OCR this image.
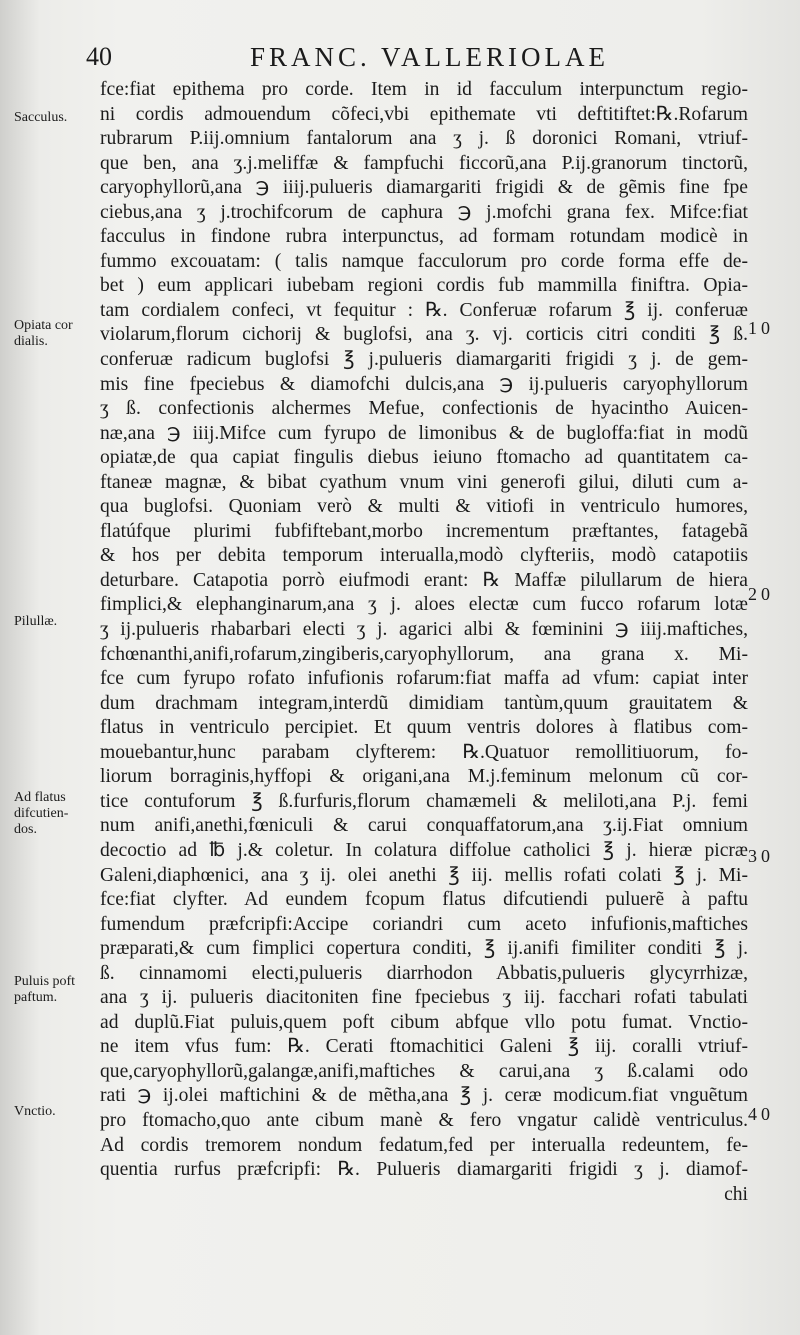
40	FRANC. VALLERIOLAE
fce:fiat epithema pro corde. Item in id facculum interpunctum regio-
ni cordis admouendum cõfeci,vbi epithemate vti deftitiftet:℞.Rofarum
rubrarum P.iij.omnium fantalorum ana ʒ j. ß doronici Romani, vtriuf-
que ben, ana ʒ.j.meliffæ & fampfuchi ficcorũ,ana P.ij.granorum tinctorũ,
caryophyllorũ,ana ℈ iiij.pulueris diamargariti frigidi & de gẽmis fine fpe
ciebus,ana ʒ j.trochifcorum de caphura ℈ j.mofchi grana fex. Mifce:fiat
facculus in findone rubra interpunctus, ad formam rotundam modicè in
fummo excouatam: ( talis namque facculorum pro corde forma effe de-
bet ) eum applicari iubebam regioni cordis fub mammilla finiftra. Opia-
tam cordialem confeci, vt fequitur : ℞. Conferuæ rofarum ℥ ij. conferuæ
violarum,florum cichorij & buglofsi, ana ʒ. vj. corticis citri conditi ℥ ß.
conferuæ radicum buglofsi ℥ j.pulueris diamargariti frigidi ʒ j. de gem-
mis fine fpeciebus & diamofchi dulcis,ana ℈ ij.pulueris caryophyllorum
ʒ ß. confectionis alchermes Mefue, confectionis de hyacintho Auicen-
næ,ana ℈ iiij.Mifce cum fyrupo de limonibus & de bugloffa:fiat in modũ
opiatæ,de qua capiat fingulis diebus ieiuno ftomacho ad quantitatem ca-
ftaneæ magnæ, & bibat cyathum vnum vini generofi gilui, diluti cum a-
qua buglofsi. Quoniam verò & multi & vitiofi in ventriculo humores,
flatúfque plurimi fubfiftebant,morbo incrementum præftantes, fatagebã
& hos per debita temporum interualla,modò clyfteriis, modò catapotiis
deturbare. Catapotia porrò eiufmodi erant: ℞ Maffæ pilullarum de hiera
fimplici,& elephanginarum,ana ʒ j. aloes electæ cum fucco rofarum lotæ
ʒ ij.pulueris rhabarbari electi ʒ j. agarici albi & fœminini ℈ iiij.maftiches,
fchœnanthi,anifi,rofarum,zingiberis,caryophyllorum, ana grana x. Mi-
fce cum fyrupo rofato infufionis rofarum:fiat maffa ad vfum: capiat inter
dum drachmam integram,interdũ dimidiam tantùm,quum grauitatem &
flatus in ventriculo percipiet. Et quum ventris dolores à flatibus com-
mouebantur,hunc parabam clyfterem: ℞.Quatuor remollitiuorum, fo-
liorum borraginis,hyffopi & origani,ana M.j.feminum melonum cũ cor-
tice contuforum ℥ ß.furfuris,florum chamæmeli & meliloti,ana P.j. femi
num anifi,anethi,fœniculi & carui conquaffatorum,ana ʒ.ij.Fiat omnium
decoctio ad ℔ j.& coletur. In colatura diffolue catholici ℥ j. hieræ picræ
Galeni,diaphœnici, ana ʒ ij. olei anethi ℥ iij. mellis rofati colati ℥ j. Mi-
fce:fiat clyfter. Ad eundem fcopum flatus difcutiendi puluerẽ à paftu
fumendum præfcripfi:Accipe coriandri cum aceto infufionis,maftiches
præparati,& cum fimplici copertura conditi, ℥ ij.anifi fimiliter conditi ℥ j.
ß. cinnamomi electi,pulueris diarrhodon Abbatis,pulueris glycyrrhizæ,
ana ʒ ij. pulueris diacitoniten fine fpeciebus ʒ iij. facchari rofati tabulati
ad duplũ.Fiat puluis,quem poft cibum abfque vllo potu fumat. Vnctio-
ne item vfus fum: ℞. Cerati ftomachitici Galeni ℥ iij. coralli vtriuf-
que,caryophyllorũ,galangæ,anifi,maftiches & carui,ana ʒ ß.calami odo
rati ℈ ij.olei maftichini & de mẽtha,ana ℥ j. ceræ modicum.fiat vnguẽtum
pro ftomacho,quo ante cibum manè & fero vngatur calidè ventriculus.
Ad cordis tremorem nondum fedatum,fed per interualla redeuntem, fe-
quentia rurfus præfcripfi: ℞. Pulueris diamargariti frigidi ʒ j. diamof-
chi
Sacculus.
Opiata cor
dialis.
Pilullæ.
Ad flatus
difcutien-
dos.
Puluis poft
paftum.
Vnctio.
10
20
30
40
